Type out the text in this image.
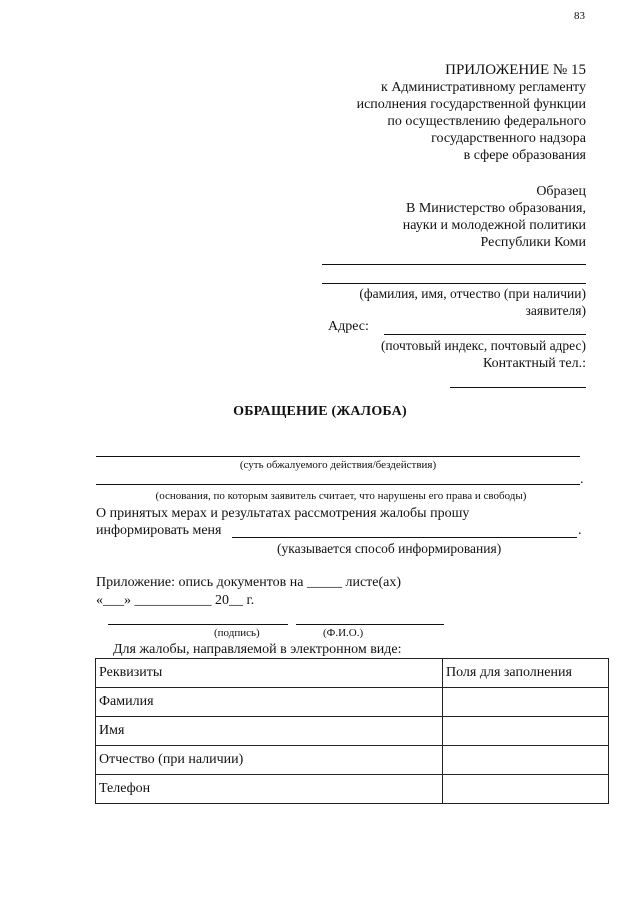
83
ПРИЛОЖЕНИЕ № 15
к Административному регламенту
исполнения государственной функции
по осуществлению федерального
государственного надзора
в сфере образования
Образец
В Министерство образования,
науки и молодежной политики
Республики Коми
(фамилия, имя, отчество (при наличии)
заявителя)
Адрес:
(почтовый индекс, почтовый адрес)
Контактный тел.:
ОБРАЩЕНИЕ (ЖАЛОБА)
(суть обжалуемого действия/бездействия)
.
(основания, по которым заявитель считает, что нарушены его права и свободы)
О принятых мерах и результатах рассмотрения жалобы прошу
информировать меня	.
(указывается способ информирования)
Приложение: опись документов на _____ листе(ах)
«___» ___________ 20__ г.
(подпись)	(Ф.И.О.)
Для жалобы, направляемой в электронном виде:
Реквизиты	Поля для заполнения
Фамилия	
Имя	
Отчество (при наличии)	
Телефон	
